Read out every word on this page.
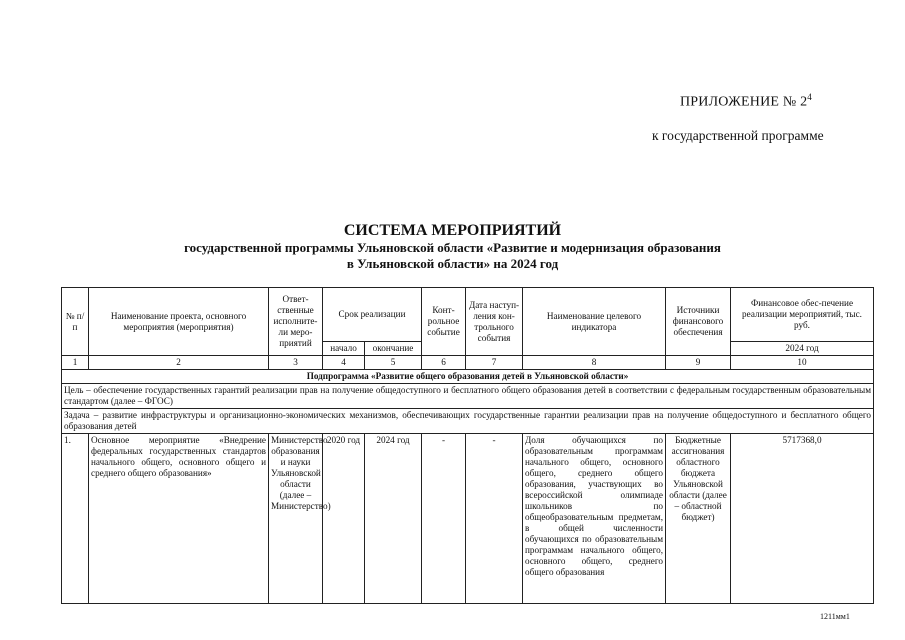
ПРИЛОЖЕНИЕ № $2^4$
к государственной программе
СИСТЕМА МЕРОПРИЯТИЙ
государственной программы Ульяновской области «Развитие и модернизация образования
в Ульяновской области» на 2024 год
№ п/п	Наименование проекта, основного мероприятия (мероприятия)	Ответ-ственные исполните-ли меро-приятий	Срок реализации		Конт-рольное событие	Дата наступ-ления кон-трольного события	Наименование целевого индикатора	Источники финансового обеспечения	Финансовое обес-печение реализации мероприятий, тыс. руб.
			начало	окончание					2024 год
1	2	3	4	5	6	7	8	9	10
Подпрограмма «Развитие общего образования детей в Ульяновской области»									
Цель – обеспечение государственных гарантий реализации прав на получение общедоступного и бесплатного общего образования детей в соответствии с федеральным государственным образовательным стандартом (далее – ФГОС)									
Задача – развитие инфраструктуры и организационно-экономических механизмов, обеспечивающих государственные гарантии реализации прав на получение общедоступного и бесплатного общего образования детей									
1.	Основное мероприятие «Внедрение федеральных государственных стандартов начального общего, основного общего и среднего общего образования»	Министерство образования и науки Ульяновской области (далее – Министерство)	2020 год	2024 год	-	-	Доля обучающихся по образовательным программам начального общего, основного общего, среднего общего образования, участвующих во всероссийской олимпиаде школьников по общеобразовательным предметам, в общей численности обучающихся по образовательным программам начального общего, основного общего, среднего общего образования	Бюджетные ассигнования областного бюджета Ульяновской области (далее – областной бюджет)	5717368,0
1211мм1
